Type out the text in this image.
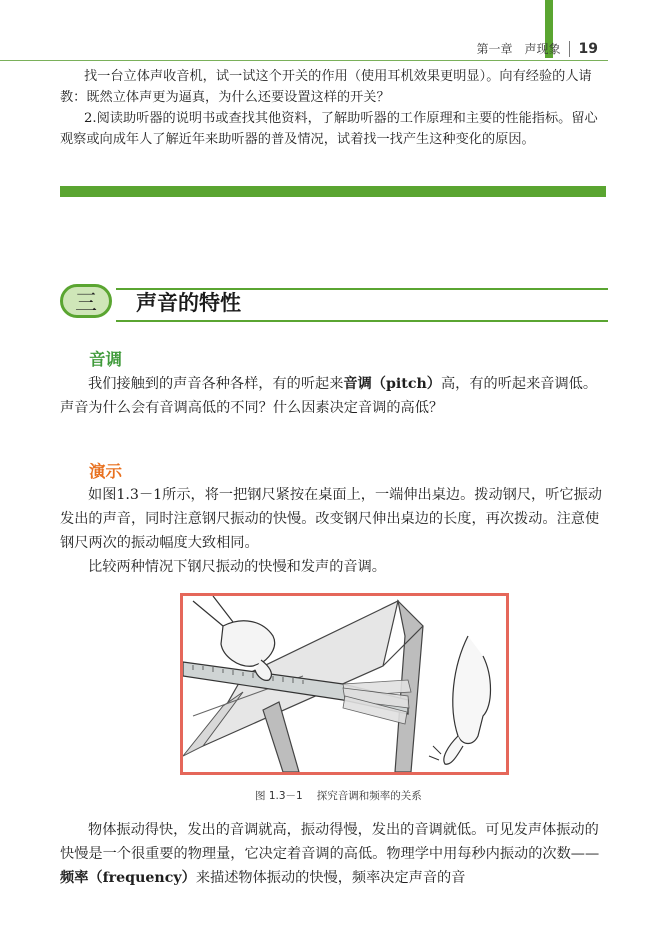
第一章　声现象	19

找一台立体声收音机，试一试这个开关的作用（使用耳机效果更明显）。向有经验的人请教：既然立体声更为逼真，为什么还要设置这样的开关？

2.阅读助听器的说明书或查找其他资料，了解助听器的工作原理和主要的性能指标。留心观察或向成年人了解近年来助听器的普及情况，试着找一找产生这种变化的原因。

三	声音的特性
音调
我们接触到的声音各种各样，有的听起来音调（pitch）高，有的听起来音调低。声音为什么会有音调高低的不同？什么因素决定音调的高低？
演示

如图1.3－1所示，将一把钢尺紧按在桌面上，一端伸出桌边。拨动钢尺，听它振动发出的声音，同时注意钢尺振动的快慢。改变钢尺伸出桌边的长度，再次拨动。注意使钢尺两次的振动幅度大致相同。

比较两种情况下钢尺振动的快慢和发声的音调。

图 1.3－1 探究音调和频率的关系
物体振动得快，发出的音调就高，振动得慢，发出的音调就低。可见发声体振动的快慢是一个很重要的物理量，它决定着音调的高低。物理学中用每秒内振动的次数——频率（frequency）来描述物体振动的快慢，频率决定声音的音
